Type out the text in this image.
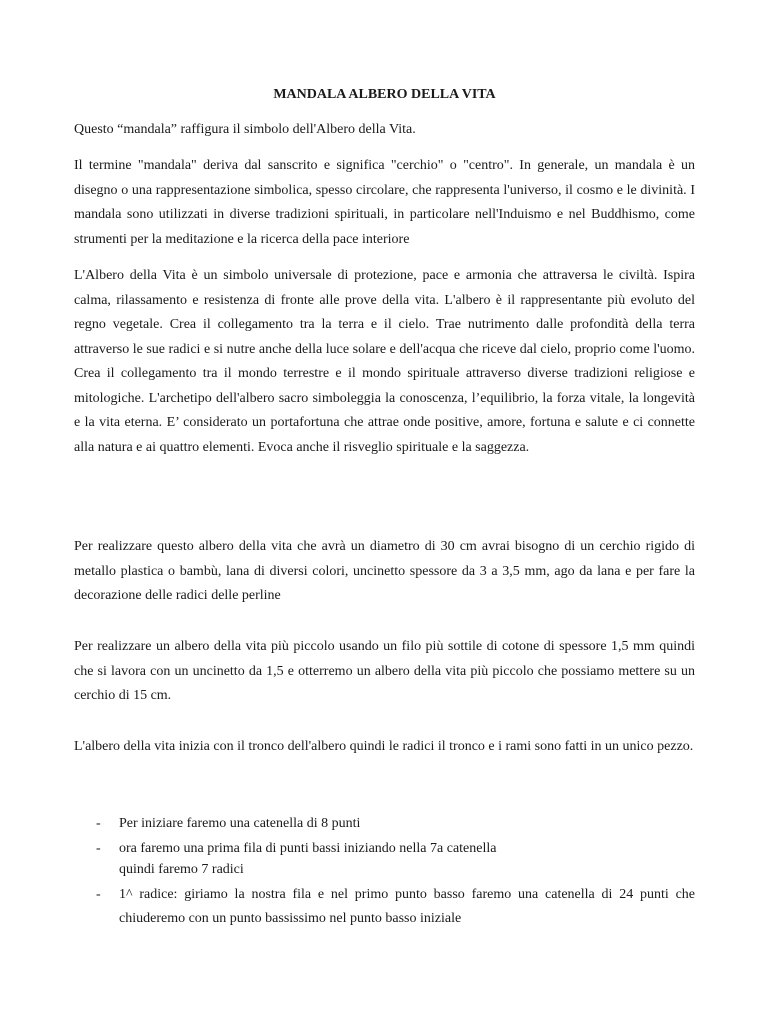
MANDALA ALBERO DELLA VITA

Questo “mandala” raffigura il simbolo dell'Albero della Vita.

Il termine "mandala" deriva dal sanscrito e significa "cerchio" o "centro". In generale, un mandala è un disegno o una rappresentazione simbolica, spesso circolare, che rappresenta l'universo, il cosmo e le divinità. I mandala sono utilizzati in diverse tradizioni spirituali, in particolare nell'Induismo e nel Buddhismo, come strumenti per la meditazione e la ricerca della pace interiore

L'Albero della Vita è un simbolo universale di protezione, pace e armonia che attraversa le civiltà. Ispira calma, rilassamento e resistenza di fronte alle prove della vita. L'albero è il rappresentante più evoluto del regno vegetale. Crea il collegamento tra la terra e il cielo. Trae nutrimento dalle profondità della terra attraverso le sue radici e si nutre anche della luce solare e dell'acqua che riceve dal cielo, proprio come l'uomo. Crea il collegamento tra il mondo terrestre e il mondo spirituale attraverso diverse tradizioni religiose e mitologiche. L'archetipo dell'albero sacro simboleggia la conoscenza, l’equilibrio, la forza vitale, la longevità e la vita eterna. E’ considerato un portafortuna che attrae onde positive, amore, fortuna e salute e ci connette alla natura e ai quattro elementi. Evoca anche il risveglio spirituale e la saggezza.

Per realizzare questo albero della vita che avrà un diametro di 30 cm avrai bisogno di un cerchio rigido di metallo plastica o bambù, lana di diversi colori, uncinetto spessore da 3 a 3,5 mm, ago da lana e per fare la decorazione delle radici delle perline

Per realizzare un albero della vita più piccolo usando un filo più sottile di cotone di spessore 1,5 mm quindi che si lavora con un uncinetto da 1,5 e otterremo un albero della vita più piccolo che possiamo mettere su un cerchio di 15 cm.

L'albero della vita inizia con il tronco dell'albero quindi le radici il tronco e i rami sono fatti in un unico pezzo.

- Per iniziare faremo una catenella di 8 punti
- ora faremo una prima fila di punti bassi iniziando nella 7a catenella
quindi faremo 7 radici
- 1^ radice: giriamo la nostra fila e nel primo punto basso faremo una catenella di 24 punti che chiuderemo con un punto bassissimo nel punto basso iniziale
